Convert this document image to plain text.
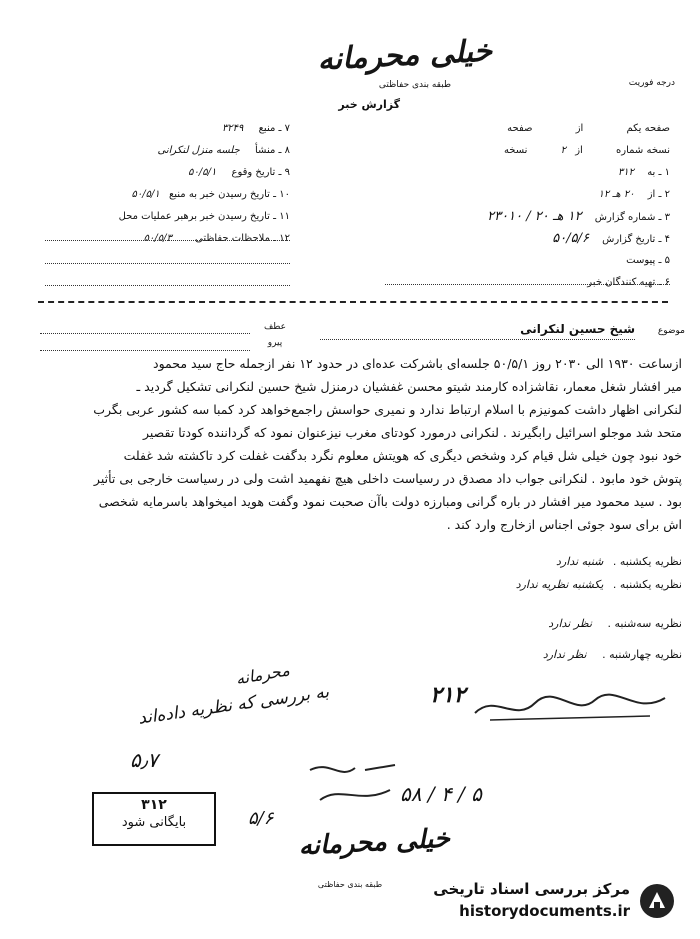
خیلی محرمانه
طبقه بندی حفاظتی	درجه فوریت
گزارش خبر
۷ ـ منبع ۳۲۴۹
۸ ـ منشأ جلسه منزل لنکرانی
۹ ـ تاریخ وقوع ۵۰/۵/۱
۱۰ ـ تاریخ رسیدن خبر به منبع ۵۰/۵/۱
۱۱ ـ تاریخ رسیدن خبر برهبر عملیات محل
۱۲ ـ ملاحظات حفاظتی ۵۰/۵/۳
صفحه یکم از صفحه
نسخه شماره از ۲ نسخه
۱ ـ به ۳۱۲
۲ ـ از ۲۰ هـ ۱۲
۳ ـ شماره گزارش ۱۲ هـ ۲۰ / ۲۳۰۱۰
۴ ـ تاریخ گزارش ۵۰/۵/۶
۵ ـ پیوست
۶ ـ تهیه کنندگان خبر
عطف
پیرو
موضوع
شیخ حسین لنکرانی
ازساعت ۱۹۳۰ الی ۲۰۳۰ روز ۵۰/۵/۱ جلسه‌ای باشرکت عده‌ای در حدود ۱۲ نفر ازجمله حاج سید محمود
میر افشار شغل معمار، نقاشزاده کارمند شیتو محسن غفشیان درمنزل شیخ حسین لنکرانی تشکیل گردید ـ
لنکرانی اظهار داشت کمونیزم با اسلام ارتباط ندارد و نمیری حواسش راجمع‌خواهد کرد کمبا سه کشور عربی بگرب
متحد شد موجلو اسرائیل رابگیرند . لنکرانی درمورد کودتای مغرب نیزعنوان نمود که گرداننده کودتا تقصیر
خود نبود چون خیلی شل قیام کرد وشخص دیگری که هویتش معلوم نگرد بدگفت غفلت کرد تاکشته شد غفلت
پتوش خود مابود . لنکرانی جواب داد مصدق در رسیاست داخلی هیچ نفهمید اشت ولی در رسیاست خارجی بی تأثیر
بود . سید محمود میر افشار در باره گرانی ومبارزه دولت باآن صحبت نمود وگفت هوید امیخواهد باسرمایه شخصی
اش برای سود جوئی اجناس ازخارج وارد کند .
نظریه یکشنبه . شنبه ندارد
نظریه یکشنبه . یکشنبه نظریه ندارد
نظریه سه‌شنبه . نظر ندارد
نظریه چهارشنبه . نظر ندارد
۲۱۲
محرمانه
به بررسی که نظریه داده‌اند
۵٫۷
۳۱۲
بایگانی شود
۵۸ / ۴ / ۵
۵/۶
خیلی محرمانه
طبقه بندی حفاظتی	مرکز بررسی اسناد تاریخی
historydocuments.ir
